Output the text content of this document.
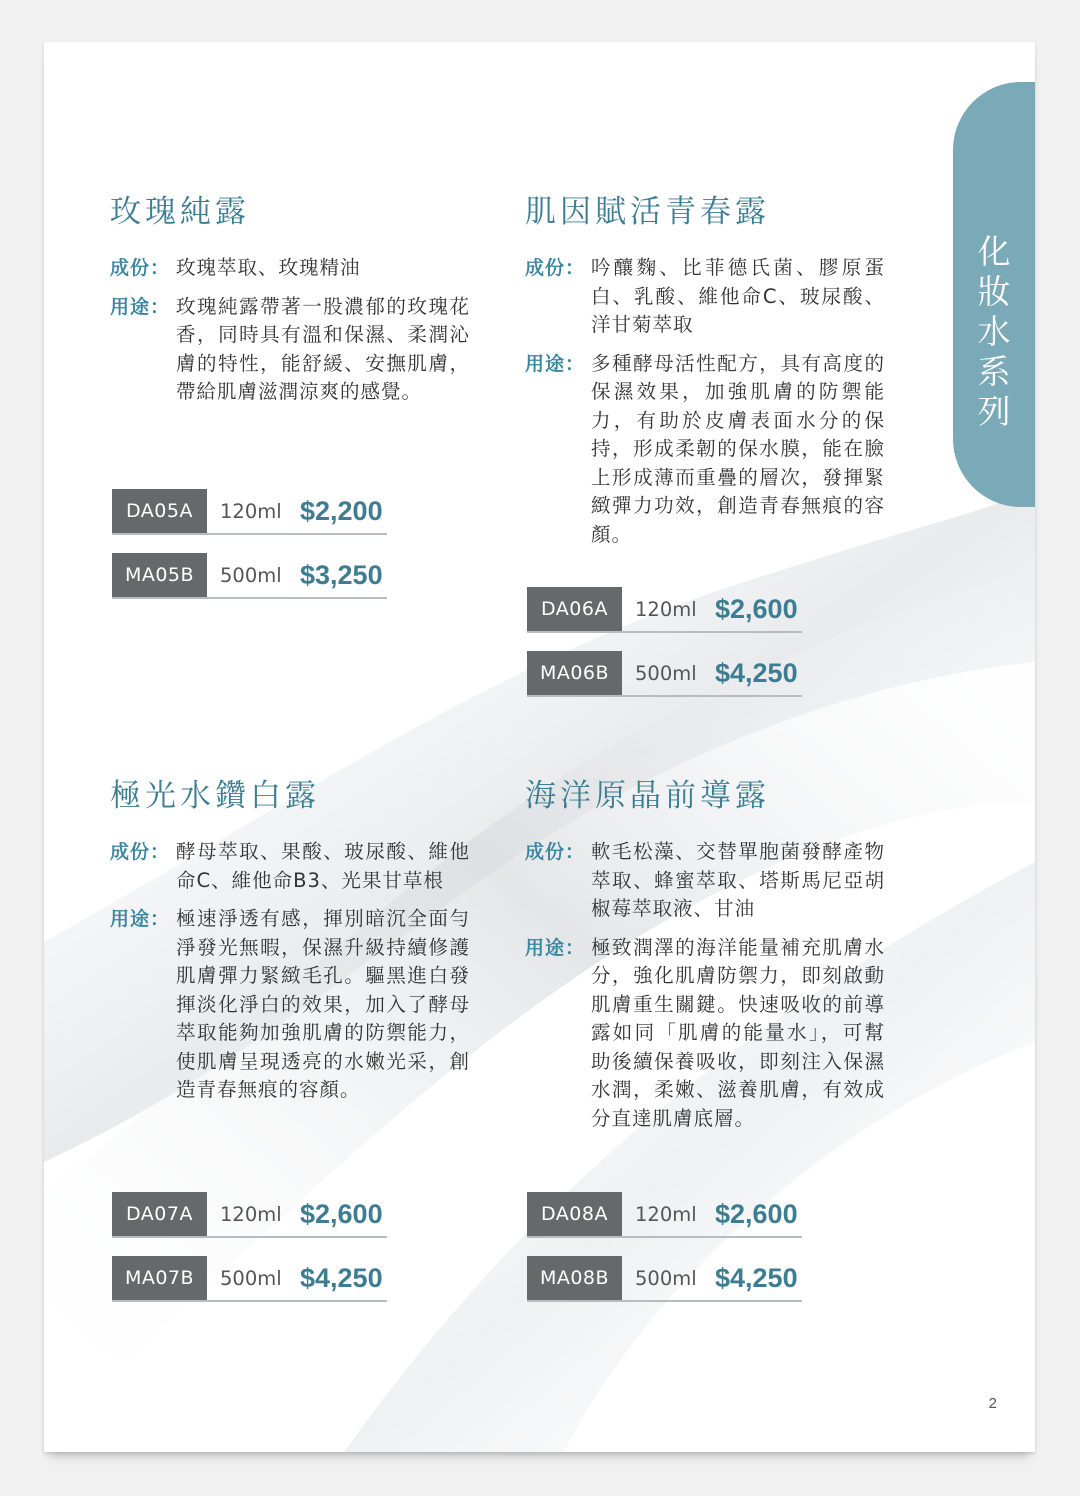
化妝水系列
玫瑰純露
成份： 玫瑰萃取、玫瑰精油
用途： 玫瑰純露帶著一股濃郁的玫瑰花香，同時具有溫和保濕、柔潤沁膚的特性，能舒緩、安撫肌膚，帶給肌膚滋潤涼爽的感覺。
DA05A	120ml $2,200
MA05B	500ml $3,250
肌因賦活青春露
成份： 吟釀麴、比菲德氏菌、膠原蛋白、乳酸、維他命C、玻尿酸、洋甘菊萃取
用途： 多種酵母活性配方，具有高度的保濕效果，加強肌膚的防禦能力，有助於皮膚表面水分的保持，形成柔韌的保水膜，能在臉上形成薄而重疊的層次，發揮緊緻彈力功效，創造青春無痕的容顏。
DA06A	120ml $2,600
MA06B	500ml $4,250
極光水鑽白露
成份： 酵母萃取、果酸、玻尿酸、維他命C、維他命B3、光果甘草根
用途： 極速淨透有感，揮別暗沉全面勻淨發光無暇，保濕升級持續修護肌膚彈力緊緻毛孔。驅黑進白發揮淡化淨白的效果，加入了酵母萃取能夠加強肌膚的防禦能力，使肌膚呈現透亮的水嫩光采，創造青春無痕的容顏。
DA07A	120ml $2,600
MA07B	500ml $4,250
海洋原晶前導露
成份： 軟毛松藻、交替單胞菌發酵產物萃取、蜂蜜萃取、塔斯馬尼亞胡椒莓萃取液、甘油
用途： 極致潤澤的海洋能量補充肌膚水分，強化肌膚防禦力，即刻啟動肌膚重生關鍵。快速吸收的前導露如同「肌膚的能量水」，可幫助後續保養吸收，即刻注入保濕水潤，柔嫩、滋養肌膚，有效成分直達肌膚底層。
DA08A	120ml $2,600
MA08B	500ml $4,250
2
